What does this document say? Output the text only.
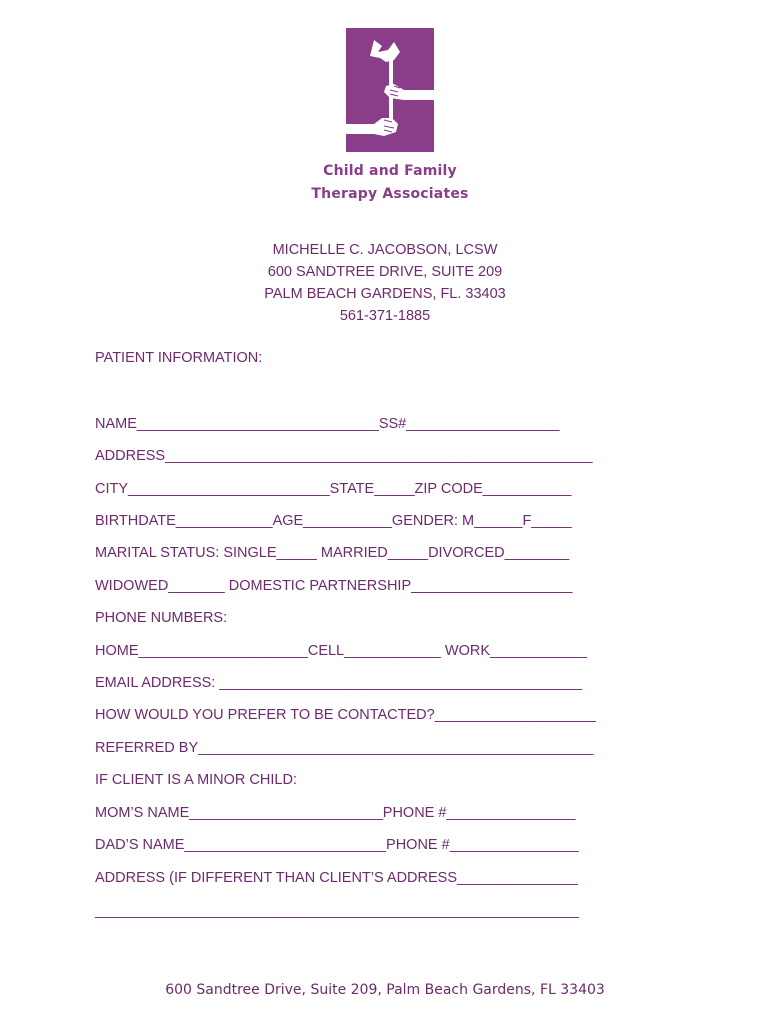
Child and Family
Therapy Associates
MICHELLE C. JACOBSON, LCSW
600 SANDTREE DRIVE, SUITE 209
PALM BEACH GARDENS, FL. 33403
561-371-1885
PATIENT INFORMATION:
NAME______________________________SS#___________________
ADDRESS_____________________________________________________
CITY_________________________STATE_____ZIP CODE___________
BIRTHDATE____________AGE___________GENDER: M______F_____
MARITAL STATUS: SINGLE_____ MARRIED_____DIVORCED________
WIDOWED_______ DOMESTIC PARTNERSHIP____________________
PHONE NUMBERS:
HOME_____________________CELL____________ WORK____________
EMAIL ADDRESS: _____________________________________________
HOW WOULD YOU PREFER TO BE CONTACTED?____________________
REFERRED BY_________________________________________________
IF CLIENT IS A MINOR CHILD:
MOM’S NAME________________________PHONE #________________
DAD’S NAME_________________________PHONE #________________
ADDRESS (IF DIFFERENT THAN CLIENT’S ADDRESS_______________
____________________________________________________________
600 Sandtree Drive, Suite 209, Palm Beach Gardens, FL 33403
